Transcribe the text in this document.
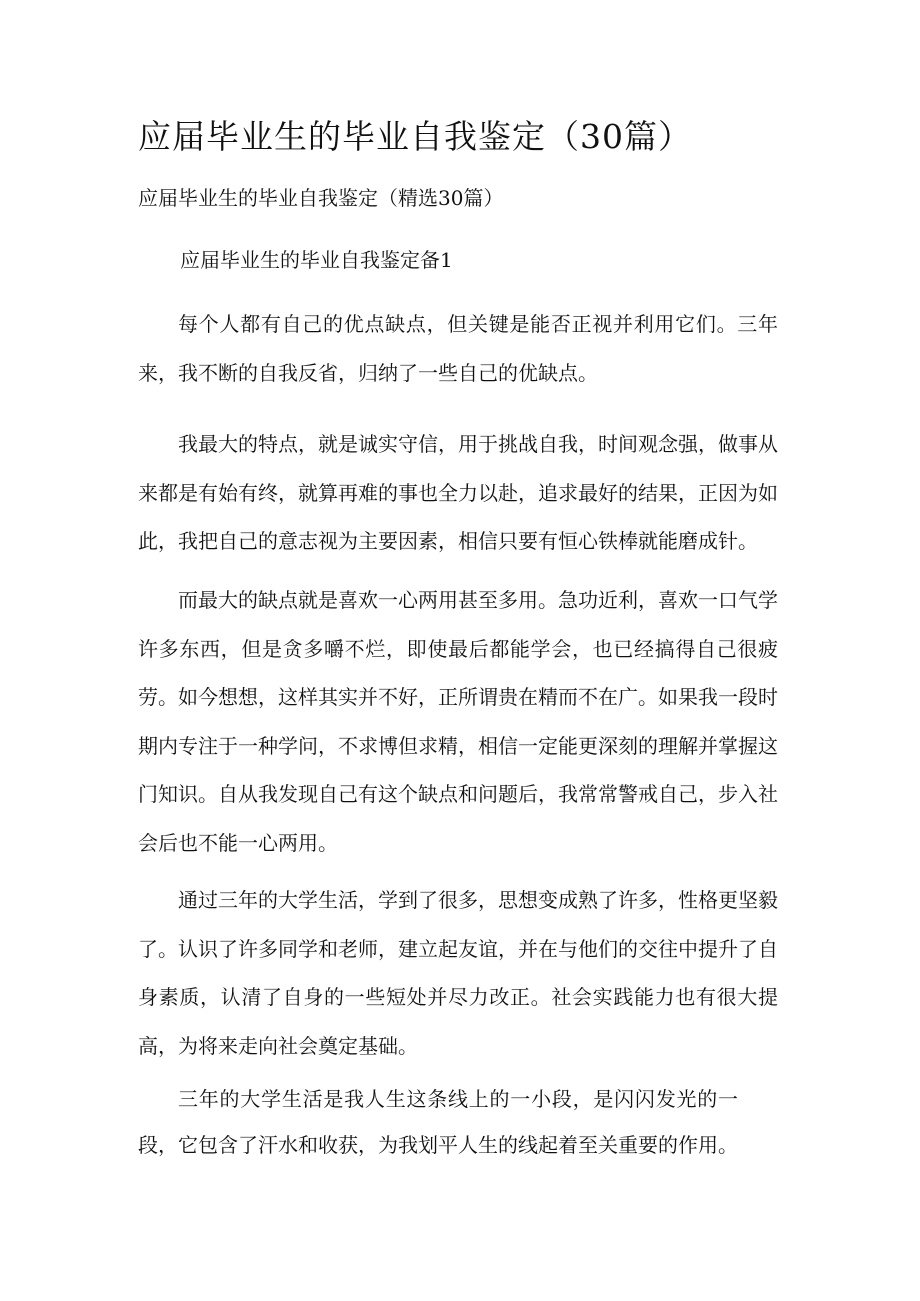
应届毕业生的毕业自我鉴定（30篇）

应届毕业生的毕业自我鉴定（精选30篇）

应届毕业生的毕业自我鉴定备1

每个人都有自己的优点缺点，但关键是能否正视并利用它们。三年来，我不断的自我反省，归纳了一些自己的优缺点。

我最大的特点，就是诚实守信，用于挑战自我，时间观念强，做事从来都是有始有终，就算再难的事也全力以赴，追求最好的结果，正因为如此，我把自己的意志视为主要因素，相信只要有恒心铁棒就能磨成针。

而最大的缺点就是喜欢一心两用甚至多用。急功近利，喜欢一口气学许多东西，但是贪多嚼不烂，即使最后都能学会，也已经搞得自己很疲劳。如今想想，这样其实并不好，正所谓贵在精而不在广。如果我一段时期内专注于一种学问，不求博但求精，相信一定能更深刻的理解并掌握这门知识。自从我发现自己有这个缺点和问题后，我常常警戒自己，步入社会后也不能一心两用。

通过三年的大学生活，学到了很多，思想变成熟了许多，性格更坚毅了。认识了许多同学和老师，建立起友谊，并在与他们的交往中提升了自身素质，认清了自身的一些短处并尽力改正。社会实践能力也有很大提高，为将来走向社会奠定基础。

三年的大学生活是我人生这条线上的一小段，是闪闪发光的一段，它包含了汗水和收获，为我划平人生的线起着至关重要的作用。
